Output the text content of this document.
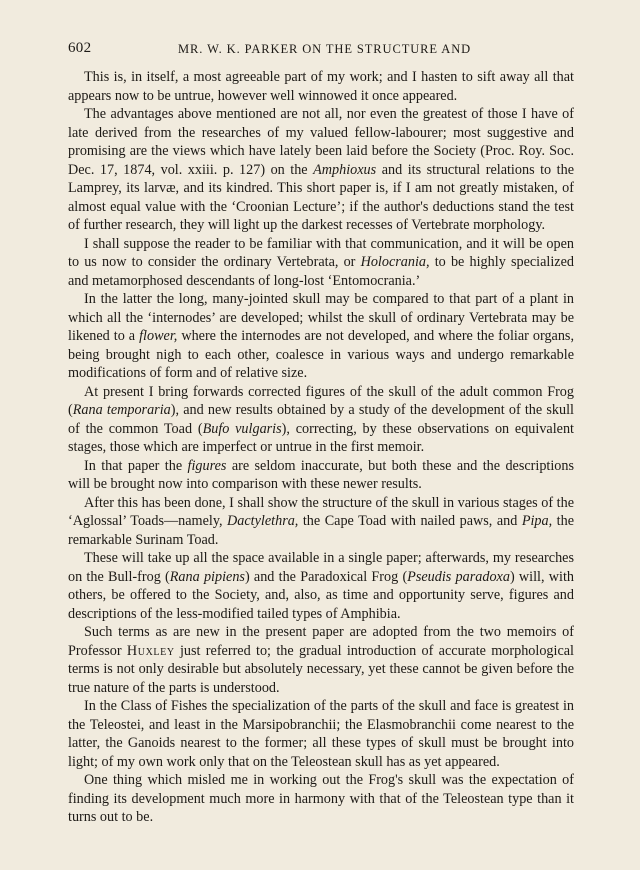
602	MR. W. K. PARKER ON THE STRUCTURE AND

This is, in itself, a most agreeable part of my work; and I hasten to sift away all that appears now to be untrue, however well winnowed it once appeared.

The advantages above mentioned are not all, nor even the greatest of those I have of late derived from the researches of my valued fellow-labourer; most suggestive and promising are the views which have lately been laid before the Society (Proc. Roy. Soc. Dec. 17, 1874, vol. xxiii. p. 127) on the Amphioxus and its structural relations to the Lamprey, its larvæ, and its kindred. This short paper is, if I am not greatly mistaken, of almost equal value with the ‘Croonian Lecture’; if the author's deductions stand the test of further research, they will light up the darkest recesses of Vertebrate morphology.

I shall suppose the reader to be familiar with that communication, and it will be open to us now to consider the ordinary Vertebrata, or Holocrania, to be highly specialized and metamorphosed descendants of long-lost ‘Entomocrania.’

In the latter the long, many-jointed skull may be compared to that part of a plant in which all the ‘internodes’ are developed; whilst the skull of ordinary Vertebrata may be likened to a flower, where the internodes are not developed, and where the foliar organs, being brought nigh to each other, coalesce in various ways and undergo remarkable modifications of form and of relative size.

At present I bring forwards corrected figures of the skull of the adult common Frog (Rana temporaria), and new results obtained by a study of the development of the skull of the common Toad (Bufo vulgaris), correcting, by these observations on equivalent stages, those which are imperfect or untrue in the first memoir.

In that paper the figures are seldom inaccurate, but both these and the descriptions will be brought now into comparison with these newer results.

After this has been done, I shall show the structure of the skull in various stages of the ‘Aglossal’ Toads—namely, Dactylethra, the Cape Toad with nailed paws, and Pipa, the remarkable Surinam Toad.

These will take up all the space available in a single paper; afterwards, my researches on the Bull-frog (Rana pipiens) and the Paradoxical Frog (Pseudis paradoxa) will, with others, be offered to the Society, and, also, as time and opportunity serve, figures and descriptions of the less-modified tailed types of Amphibia.

Such terms as are new in the present paper are adopted from the two memoirs of Professor Huxley just referred to; the gradual introduction of accurate morphological terms is not only desirable but absolutely necessary, yet these cannot be given before the true nature of the parts is understood.

In the Class of Fishes the specialization of the parts of the skull and face is greatest in the Teleostei, and least in the Marsipobranchii; the Elasmobranchii come nearest to the latter, the Ganoids nearest to the former; all these types of skull must be brought into light; of my own work only that on the Teleostean skull has as yet appeared.

One thing which misled me in working out the Frog's skull was the expectation of finding its development much more in harmony with that of the Teleostean type than it turns out to be.
